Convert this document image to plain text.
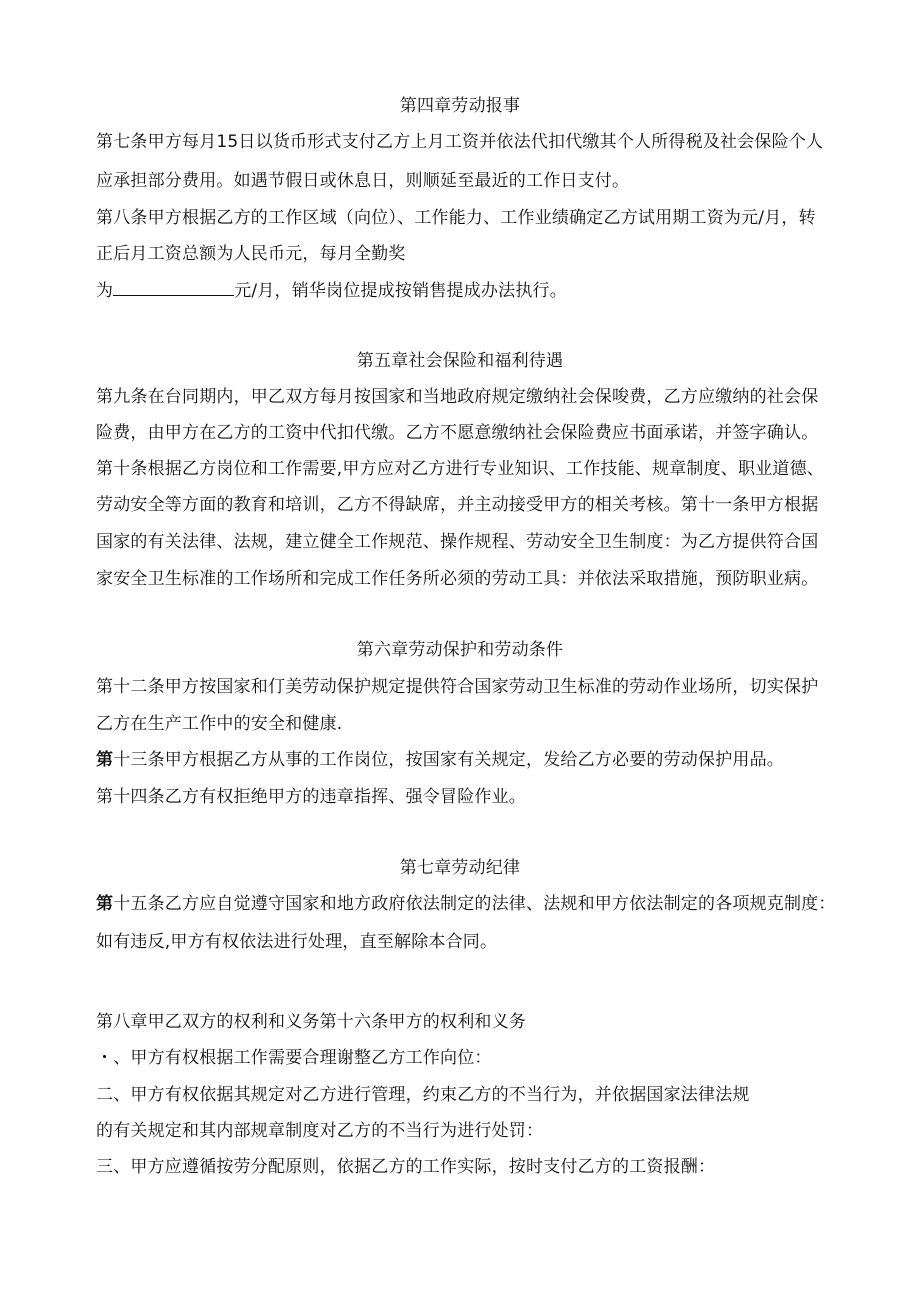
第四章劳动报事
第七条甲方每月15日以货币形式支付乙方上月工资并依法代扣代缴其个人所得税及社会保险个人
应承担部分费用。如遇节假日或休息日，则顺延至最近的工作日支付。
第八条甲方根据乙方的工作区域（向位）、工作能力、工作业绩确定乙方试用期工资为元/月，转
正后月工资总额为人民币元，每月全勤奖
为	元/月，销华岗位提成按销售提成办法执行。
第五章社会保险和福利待遇
第九条在台同期内，甲乙双方每月按国家和当地政府规定缴纳社会保唆费，乙方应缴纳的社会保
险费，由甲方在乙方的工资中代扣代缴。乙方不愿意缴纳社会保险费应书面承诺，并签字确认。
第十条根据乙方岗位和工作需要,甲方应对乙方进行专业知识、工作技能、规章制度、职业道德、
劳动安全等方面的教育和培训，乙方不得缺席，并主动接受甲方的相关考核。第十一条甲方根据
国家的有关法律、法规，建立健全工作规范、操作规程、劳动安全卫生制度：为乙方提供符合国
家安全卫生标准的工作场所和完成工作任务所必须的劳动工具：并依法采取措施，预防职业病。
第六章劳动保护和劳动条件
第十二条甲方按国家和仃美劳动保护规定提供符合国家劳动卫生标准的劳动作业场所，切实保护
乙方在生产工作中的安全和健康.
第十三条甲方根据乙方从事的工作岗位，按国家有关规定，发给乙方必要的劳动保护用品。
第十四条乙方有权拒绝甲方的违章指挥、强令冒险作业。
第七章劳动纪律
第十五条乙方应自觉遵守国家和地方政府依法制定的法律、法规和甲方依法制定的各项规克制度：
如有违反,甲方有权依法进行处理，直至解除本合同。
第八章甲乙双方的权利和义务第十六条甲方的权利和义务
・、甲方有权根据工作需要合理谢整乙方工作向位：
二、甲方有权依据其规定对乙方进行管理，约束乙方的不当行为，并依据国家法律法规
的有关规定和其内部规章制度对乙方的不当行为进行处罚：
三、甲方应遵循按劳分配原则，依据乙方的工作实际，按时支付乙方的工资报酬：
